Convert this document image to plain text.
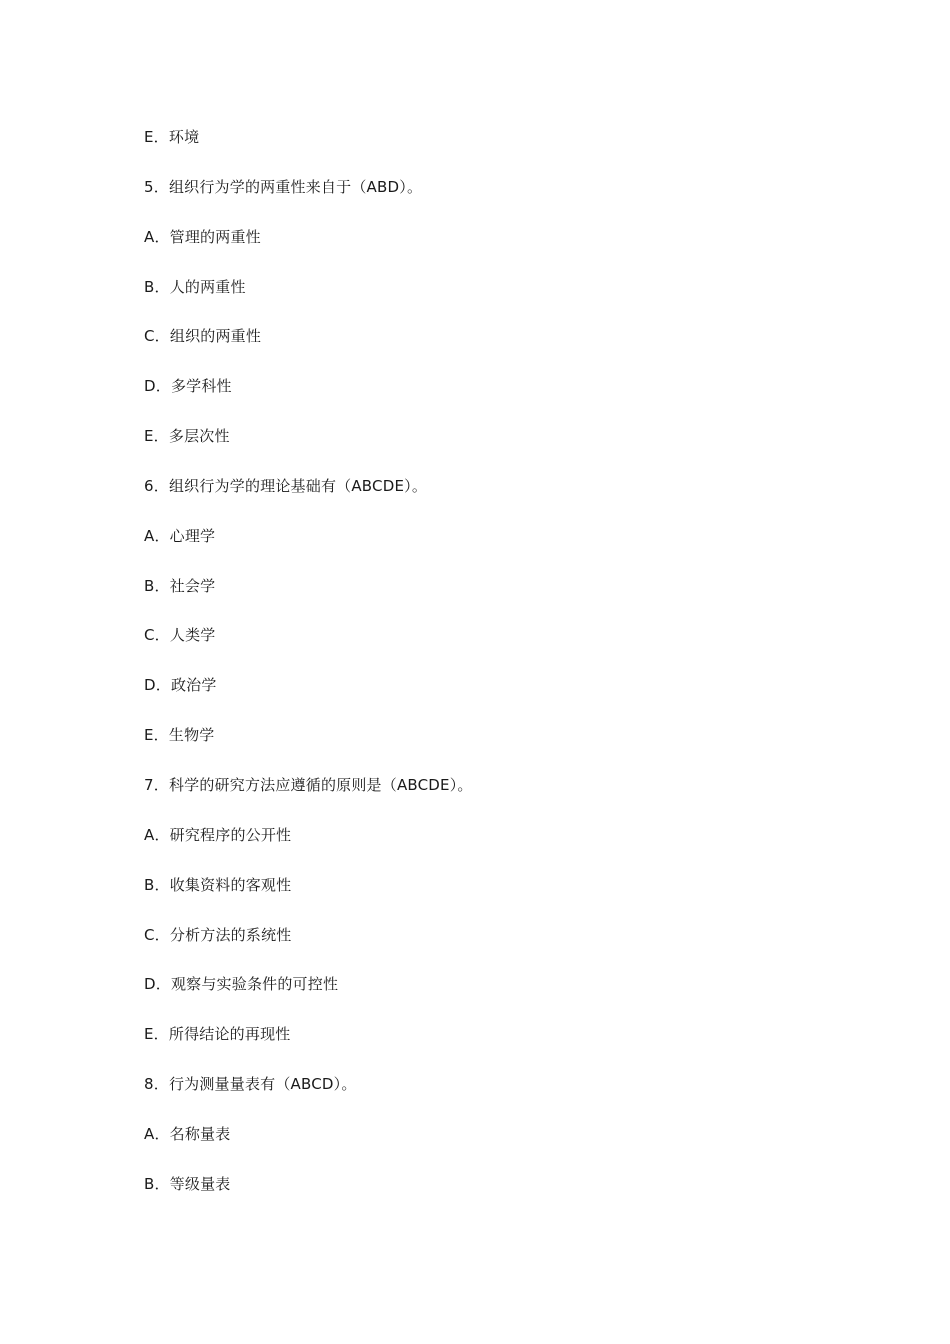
E．环境
5．组织行为学的两重性来自于（ABD）。
A．管理的两重性
B．人的两重性
C．组织的两重性
D．多学科性
E．多层次性
6．组织行为学的理论基础有（ABCDE）。
A．心理学
B．社会学
C．人类学
D．政治学
E．生物学
7．科学的研究方法应遵循的原则是（ABCDE）。
A．研究程序的公开性
B．收集资料的客观性
C．分析方法的系统性
D．观察与实验条件的可控性
E．所得结论的再现性
8．行为测量量表有（ABCD）。
A．名称量表
B．等级量表
